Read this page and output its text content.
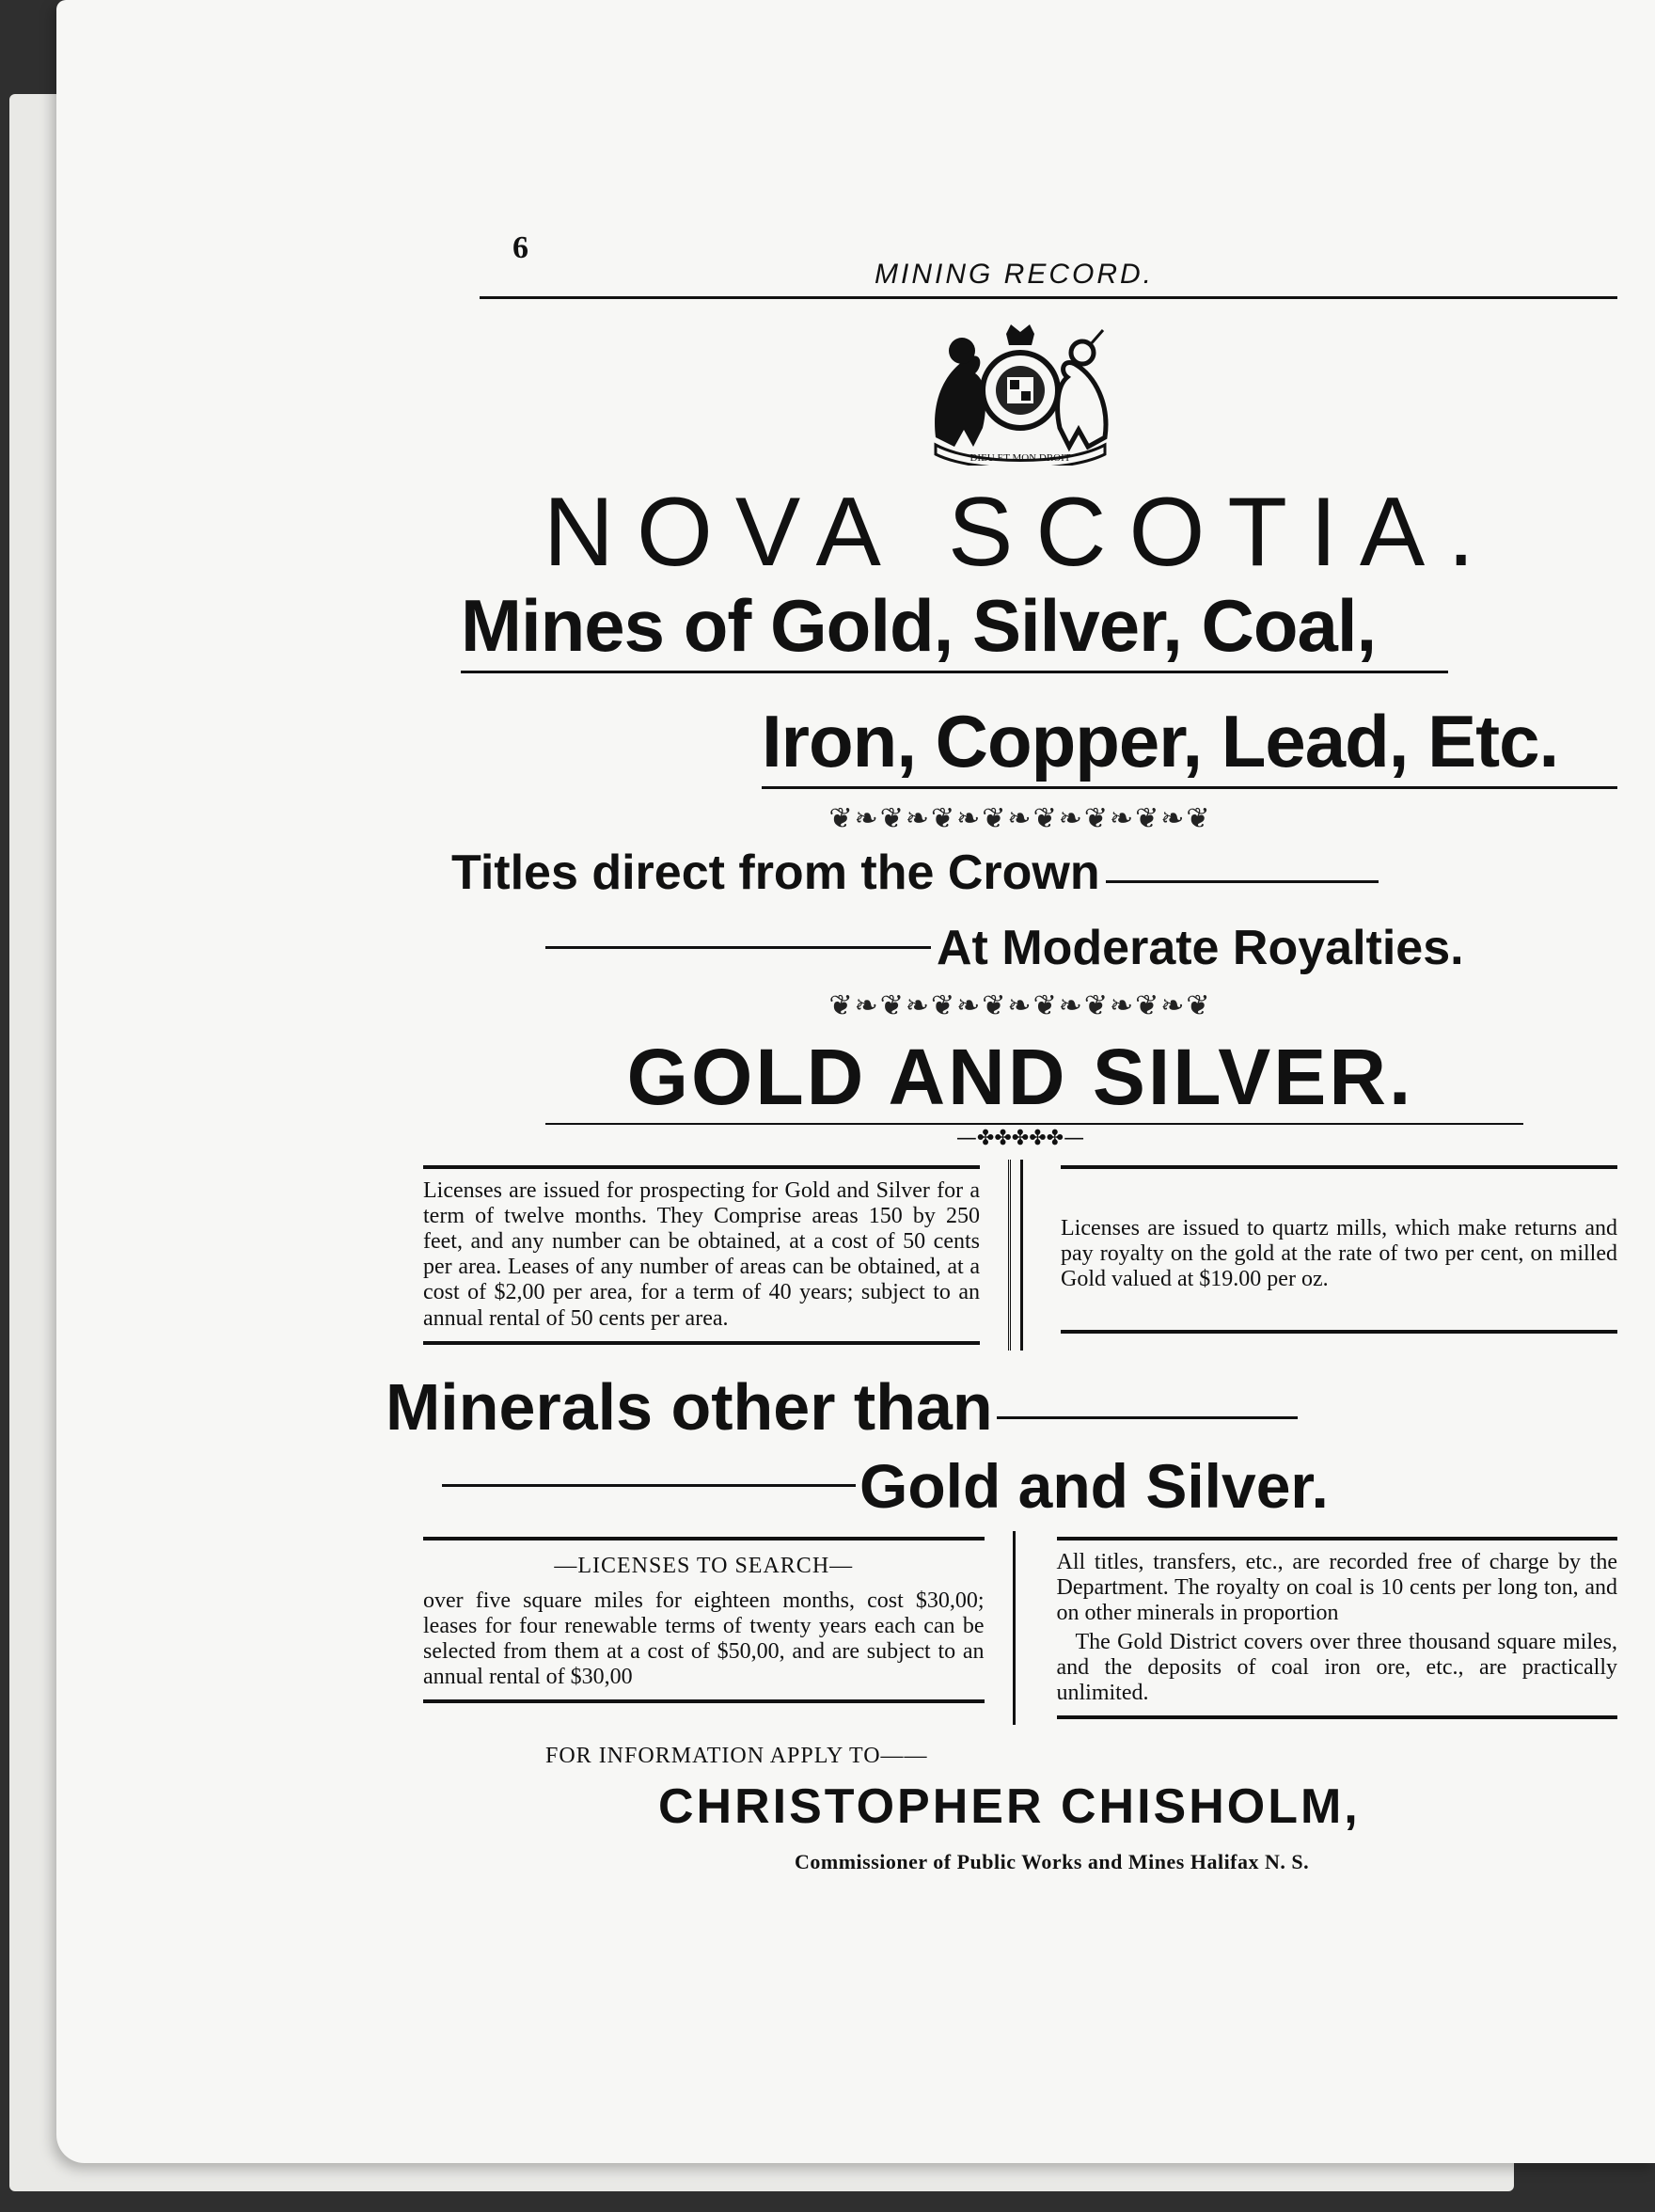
6
MINING RECORD.
DIEU ET MON DROIT
NOVA SCOTIA.
Mines of Gold, Silver, Coal,
Iron, Copper, Lead, Etc.
❦❧❦❧❦❧❦❧❦❧❦❧❦❧❦
Titles direct from the Crown
At Moderate Royalties.
❦❧❦❧❦❧❦❧❦❧❦❧❦❧❦
GOLD AND SILVER.
—✤✤✤✤✤—

Licenses are issued for prospecting for Gold and Silver for a term of twelve months. They Comprise areas 150 by 250 feet, and any number can be obtained, at a cost of 50 cents per area. Leases of any number of areas can be obtained, at a cost of $2,00 per area, for a term of 40 years; subject to an annual rental of 50 cents per area.

Licenses are issued to quartz mills, which make returns and pay royalty on the gold at the rate of two per cent, on milled Gold valued at $19.00 per oz.

Minerals other than
Gold and Silver.
—LICENSES TO SEARCH—

over five square miles for eighteen months, cost $30,00; leases for four renewable terms of twenty years each can be selected from them at a cost of $50,00, and are subject to an annual rental of $30,00

All titles, transfers, etc., are recorded free of charge by the Department. The royalty on coal is 10 cents per long ton, and on other minerals in proportion

The Gold District covers over three thousand square miles, and the deposits of coal iron ore, etc., are practically unlimited.

FOR INFORMATION APPLY TO——
CHRISTOPHER CHISHOLM,
Commissioner of Public Works and Mines Halifax N. S.
